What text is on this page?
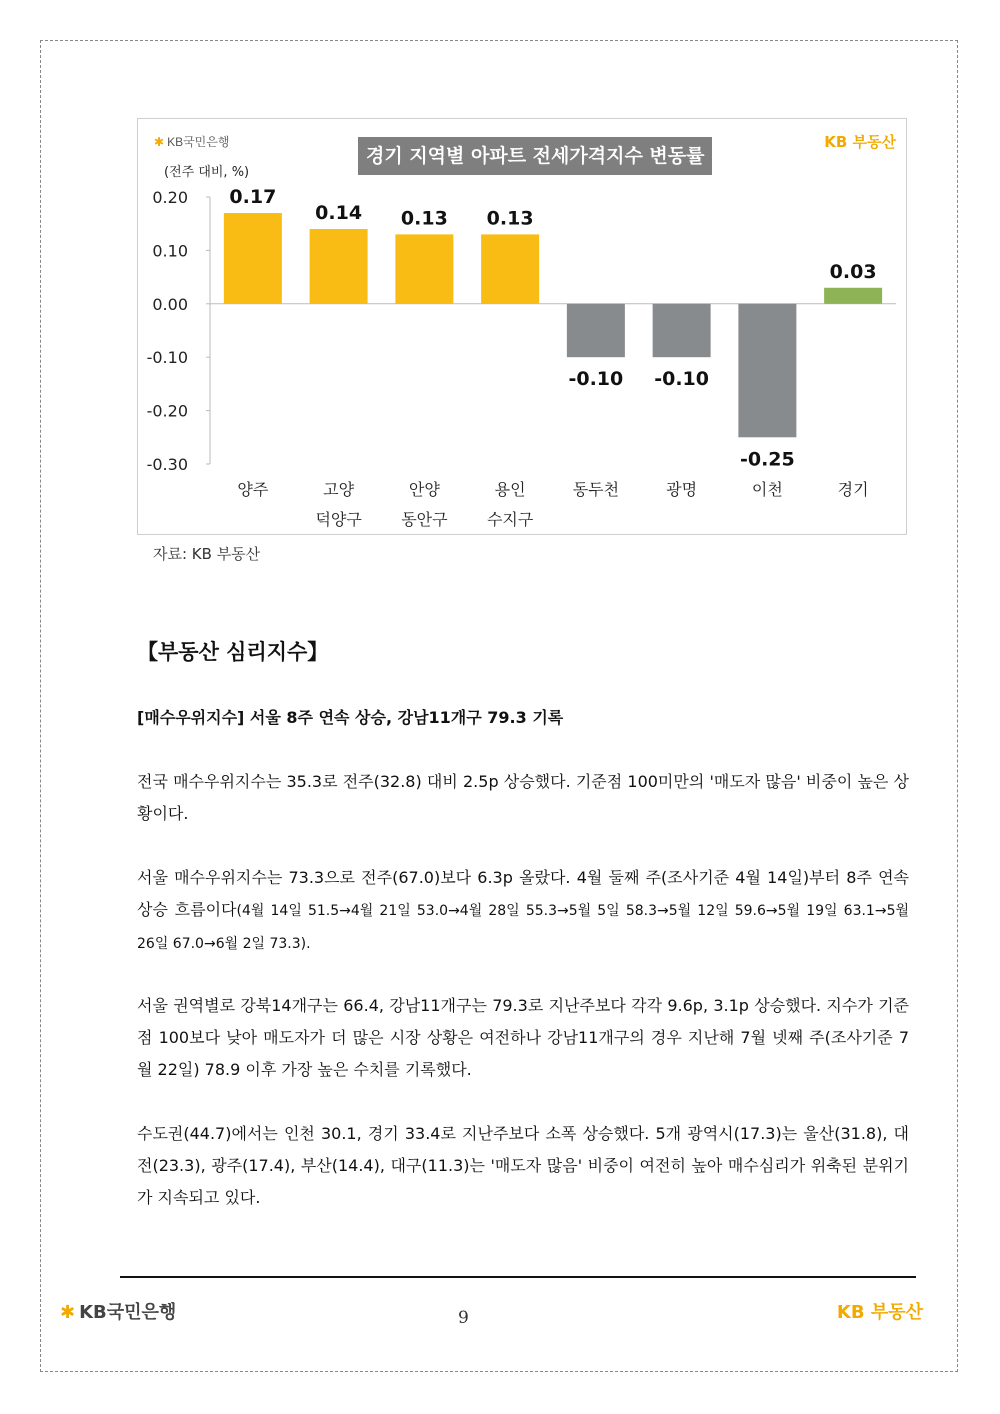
✱ KB국민은행
경기 지역별 아파트 전세가격지수 변동률
KB 부동산
(전주 대비, %)
0.20
0.10
0.00
-0.10
-0.20
-0.30
0.17
양주
0.14
고양
덕양구
0.13
안양
동안구
0.13
용인
수지구
-0.10
동두천
-0.10
광명
-0.25
이천
0.03
경기
자료: KB 부동산
【부동산 심리지수】
[매수우위지수] 서울 8주 연속 상승, 강남11개구 79.3 기록
전국 매수우위지수는 35.3로 전주(32.8) 대비 2.5p 상승했다. 기준점 100미만의 '매도자 많음' 비중이 높은 상황이다.
서울 매수우위지수는 73.3으로 전주(67.0)보다 6.3p 올랐다. 4월 둘째 주(조사기준 4월 14일)부터 8주 연속 상승 흐름이다(4월 14일 51.5→4월 21일 53.0→4월 28일 55.3→5월 5일 58.3→5월 12일 59.6→5월 19일 63.1→5월 26일 67.0→6월 2일 73.3).
서울 권역별로 강북14개구는 66.4, 강남11개구는 79.3로 지난주보다 각각 9.6p, 3.1p 상승했다. 지수가 기준점 100보다 낮아 매도자가 더 많은 시장 상황은 여전하나 강남11개구의 경우 지난해 7월 넷째 주(조사기준 7월 22일) 78.9 이후 가장 높은 수치를 기록했다.
수도권(44.7)에서는 인천 30.1, 경기 33.4로 지난주보다 소폭 상승했다. 5개 광역시(17.3)는 울산(31.8), 대전(23.3), 광주(17.4), 부산(14.4), 대구(11.3)는 '매도자 많음' 비중이 여전히 높아 매수심리가 위축된 분위기가 지속되고 있다.
✱ KB국민은행	9	KB 부동산
